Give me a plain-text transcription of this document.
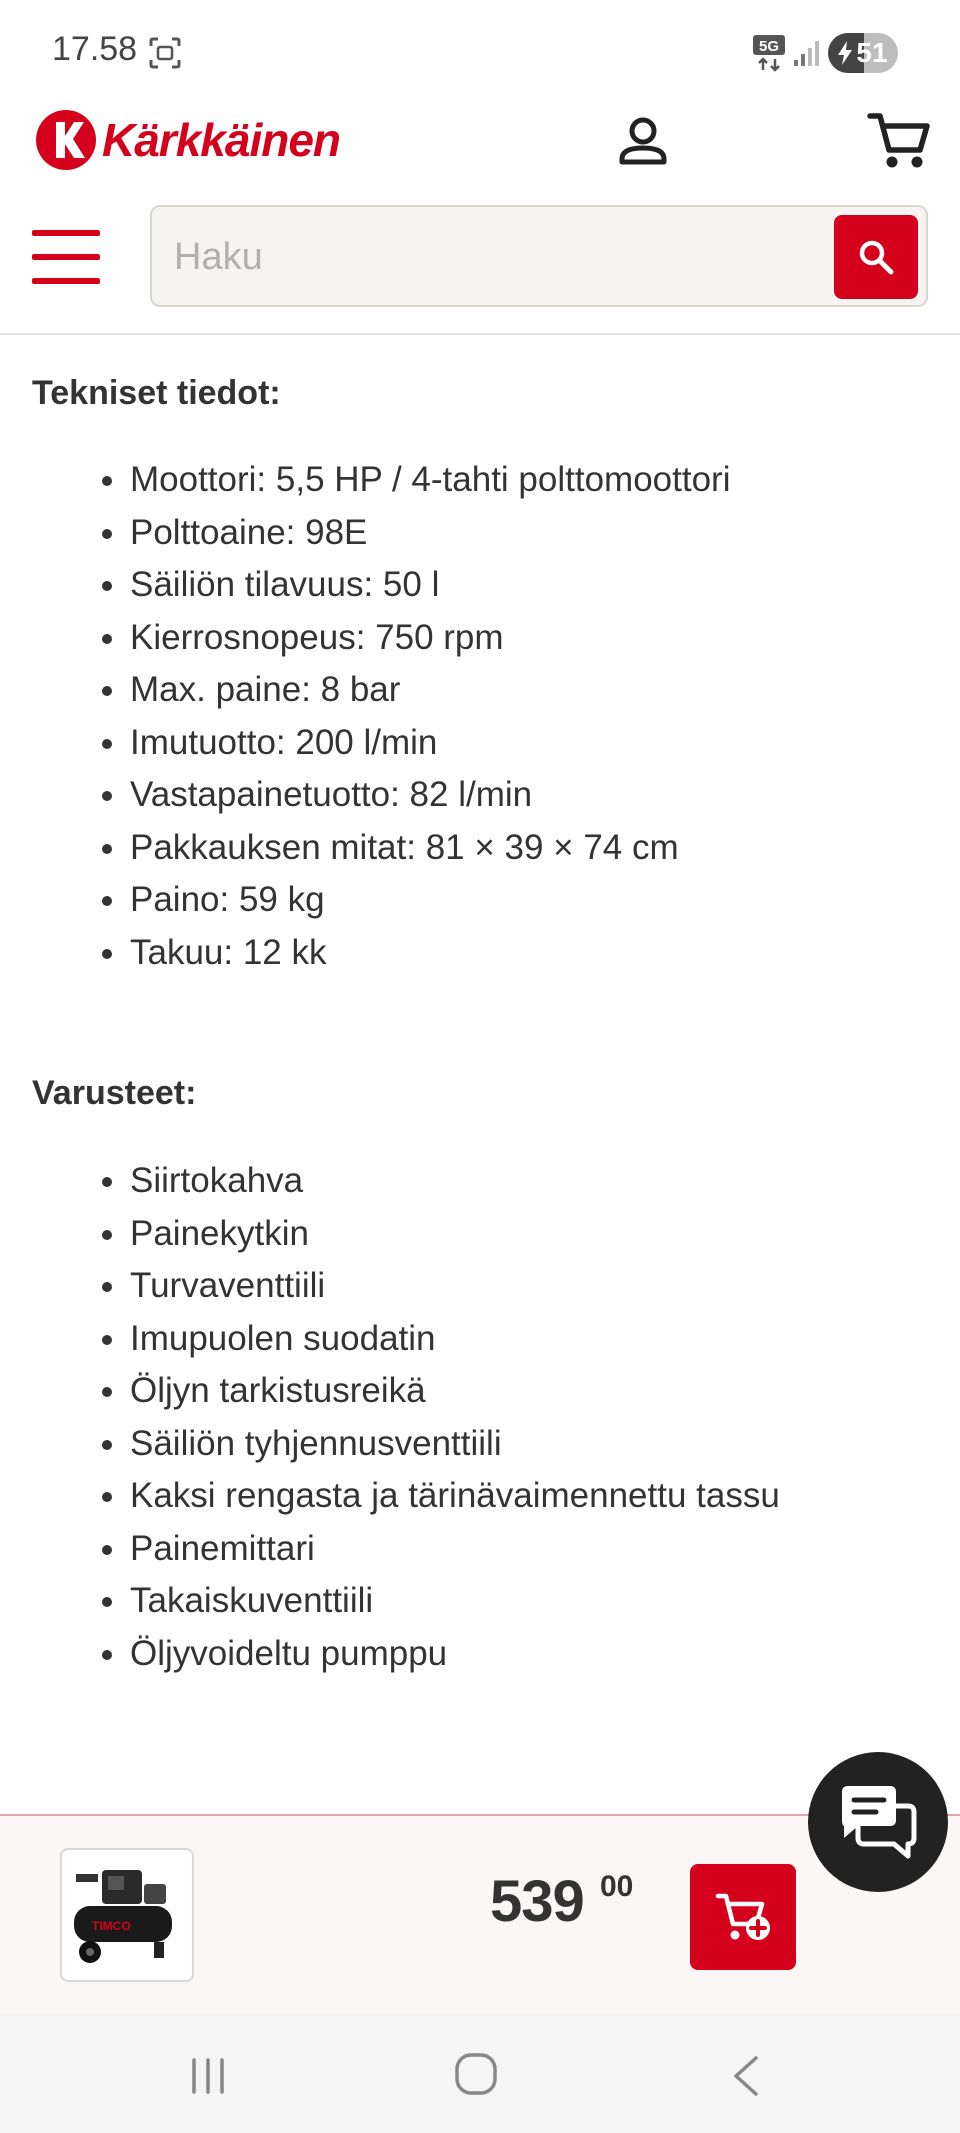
17.58	5G	51
Kärkkäinen
Haku
Tekniset tiedot:
Moottori: 5,5 HP / 4-tahti polttomoottori
Polttoaine: 98E
Säiliön tilavuus: 50 l
Kierrosnopeus: 750 rpm
Max. paine: 8 bar
Imutuotto: 200 l/min
Vastapainetuotto: 82 l/min
Pakkauksen mitat: 81 × 39 × 74 cm
Paino: 59 kg
Takuu: 12 kk
Varusteet:
Siirtokahva
Painekytkin
Turvaventtiili
Imupuolen suodatin
Öljyn tarkistusreikä
Säiliön tyhjennusventtiili
Kaksi rengasta ja tärinävaimennettu tassu
Painemittari
Takaiskuventtiili
Öljyvoideltu pumppu
TIMCO	539 00
